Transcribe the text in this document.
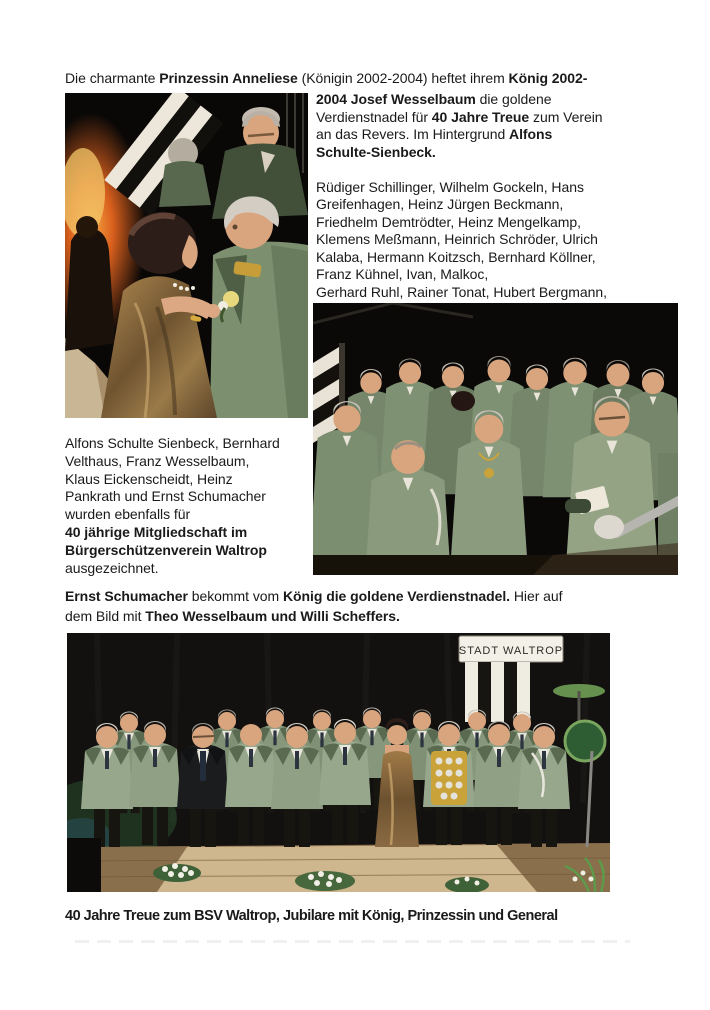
Die charmante Prinzessin Anneliese (Königin 2002-2004) heftet ihrem König 2002-
2004 Josef Wesselbaum die goldene
Verdienstnadel für 40 Jahre Treue zum Verein
an das Revers. Im Hintergrund Alfons
Schulte-Sienbeck.

Rüdiger Schillinger, Wilhelm Gockeln, Hans
Greifenhagen, Heinz Jürgen Beckmann,
Friedhelm Demtrödter, Heinz Mengelkamp,
Klemens Meßmann, Heinrich Schröder, Ulrich
Kalaba, Hermann Koitzsch, Bernhard Köllner,
Franz Kühnel, Ivan, Malkoc,
Gerhard Ruhl, Rainer Tonat, Hubert Bergmann,
Alfons Schulte Sienbeck, Bernhard
Velthaus, Franz Wesselbaum,
Klaus Eickenscheidt, Heinz
Pankrath und Ernst Schumacher
wurden ebenfalls für
40 jährige Mitgliedschaft im
Bürgerschützenverein Waltrop
ausgezeichnet.
Ernst Schumacher bekommt vom König die goldene Verdienstnadel. Hier auf
dem Bild mit Theo Wesselbaum und Willi Scheffers.
STADT WALTROP
40 Jahre Treue zum BSV Waltrop, Jubilare mit König, Prinzessin und General
